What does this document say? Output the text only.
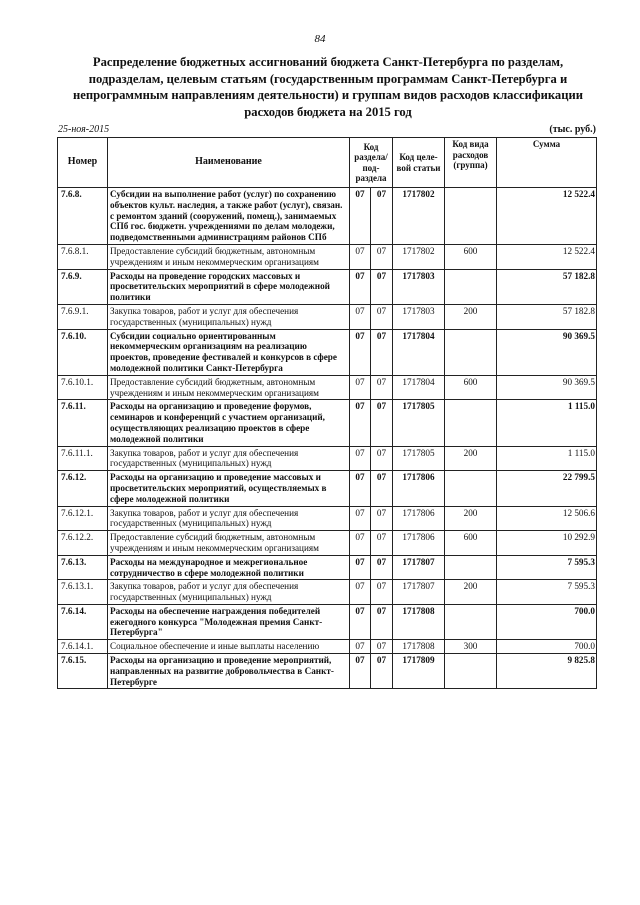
84
Распределение бюджетных ассигнований бюджета Санкт-Петербурга по разделам, подразделам, целевым статьям (государственным программам Санкт-Петербурга и непрограммным направлениям деятельности) и группам видов расходов классификации расходов бюджета на 2015 год
25-ноя-2015	(тыс. руб.)
Номер	Наименование	Код раздела/ под- раздела		Код целе- вой статьи	Код вида расходов (группа)	Сумма
7.6.8.	Субсидии на выполнение работ (услуг) по сохранению объектов культ. наследия, а также работ (услуг), связан. с ремонтом зданий (сооружений, помещ.), занимаемых СПб гос. бюджетн. учреждениями по делам молодежи, подведомственными администрациям районов СПб	07	07	1717802		12 522.4
7.6.8.1.	Предоставление субсидий бюджетным, автономным учреждениям и иным некоммерческим организациям	07	07	1717802	600	12 522.4
7.6.9.	Расходы на проведение городских массовых и просветительских мероприятий в сфере молодежной политики	07	07	1717803		57 182.8
7.6.9.1.	Закупка товаров, работ и услуг для обеспечения государственных (муниципальных) нужд	07	07	1717803	200	57 182.8
7.6.10.	Субсидии социально ориентированным некоммерческим организациям на реализацию проектов, проведение фестивалей и конкурсов в сфере молодежной политики Санкт-Петербурга	07	07	1717804		90 369.5
7.6.10.1.	Предоставление субсидий бюджетным, автономным учреждениям и иным некоммерческим организациям	07	07	1717804	600	90 369.5
7.6.11.	Расходы на организацию и проведение форумов, семинаров и конференций с участием организаций, осуществляющих реализацию проектов в сфере молодежной политики	07	07	1717805		1 115.0
7.6.11.1.	Закупка товаров, работ и услуг для обеспечения государственных (муниципальных) нужд	07	07	1717805	200	1 115.0
7.6.12.	Расходы на организацию и проведение массовых и просветительских мероприятий, осуществляемых в сфере молодежной политики	07	07	1717806		22 799.5
7.6.12.1.	Закупка товаров, работ и услуг для обеспечения государственных (муниципальных) нужд	07	07	1717806	200	12 506.6
7.6.12.2.	Предоставление субсидий бюджетным, автономным учреждениям и иным некоммерческим организациям	07	07	1717806	600	10 292.9
7.6.13.	Расходы на международное и межрегиональное сотрудничество в сфере молодежной политики	07	07	1717807		7 595.3
7.6.13.1.	Закупка товаров, работ и услуг для обеспечения государственных (муниципальных) нужд	07	07	1717807	200	7 595.3
7.6.14.	Расходы на обеспечение награждения победителей ежегодного конкурса "Молодежная премия Санкт-Петербурга"	07	07	1717808		700.0
7.6.14.1.	Социальное обеспечение и иные выплаты населению	07	07	1717808	300	700.0
7.6.15.	Расходы на организацию и проведение мероприятий, направленных на развитие добровольчества в Санкт-Петербурге	07	07	1717809		9 825.8
